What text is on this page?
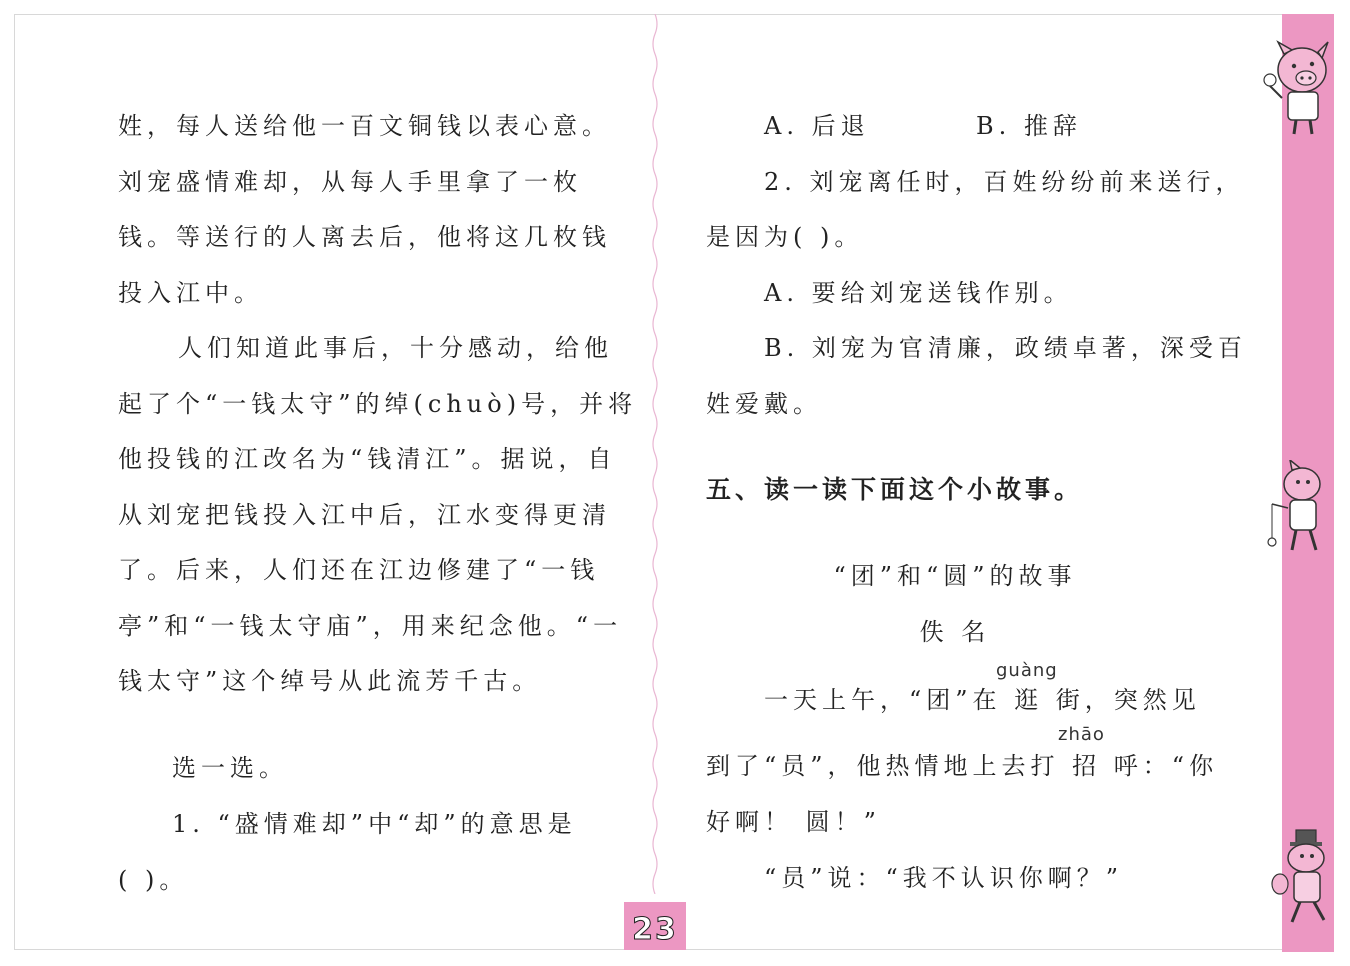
姓，每人送给他一百文铜钱以表心意。
刘宠盛情难却，从每人手里拿了一枚
钱。等送行的人离去后，他将这几枚钱
投入江中。
人们知道此事后，十分感动，给他
起了个“一钱太守”的绰(chuò)号，并将
他投钱的江改名为“钱清江”。据说，自
从刘宠把钱投入江中后，江水变得更清
了。后来，人们还在江边修建了“一钱
亭”和“一钱太守庙”，用来纪念他。“一
钱太守”这个绰号从此流芳千古。
选一选。
1. “盛情难却”中“却”的意思是
( )。
A. 后退	B. 推辞
2. 刘宠离任时，百姓纷纷前来送行，
是因为( )。
A. 要给刘宠送钱作别。
B. 刘宠为官清廉，政绩卓著，深受百
姓爱戴。
五、读一读下面这个小故事。
“团”和“圆”的故事
佚 名
guàng
一天上午，“团”在 逛 街，突然见
zhāo
到了“员”，他热情地上去打 招 呼：“你
好啊！ 圆！”
“员”说：“我不认识你啊？”
23
